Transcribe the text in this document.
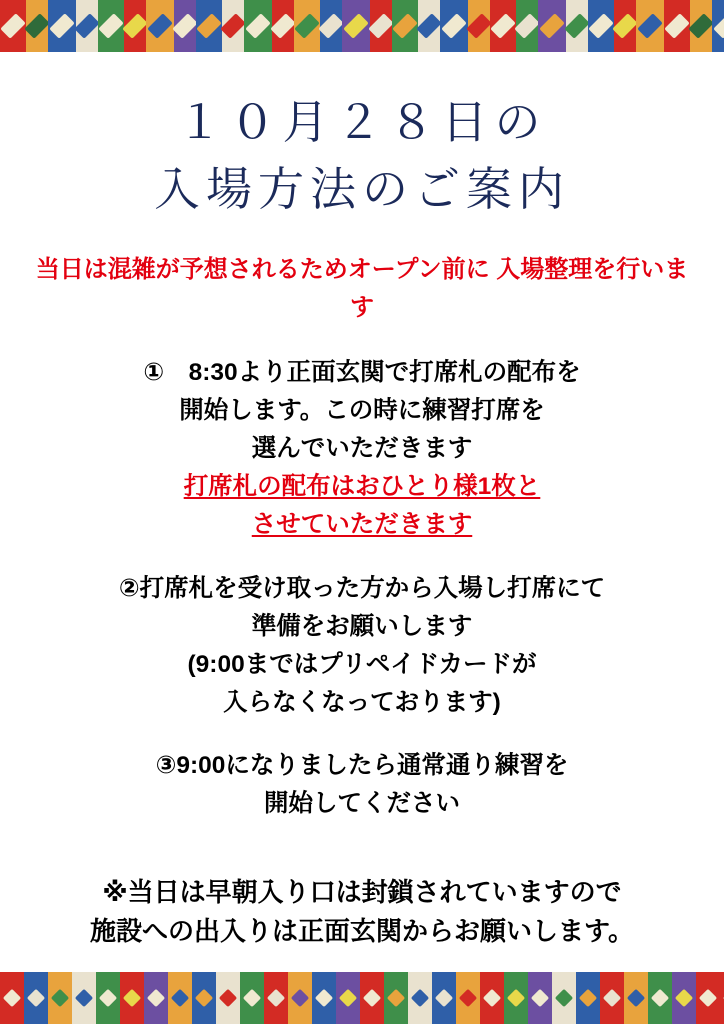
１０月２８日の
入場方法のご案内
当日は混雑が予想されるためオープン前に 入場整理を行います
①　8:30より正面玄関で打席札の配布を
開始します。この時に練習打席を
選んでいただきます
打席札の配布はおひとり様1枚と
させていただきます
②打席札を受け取った方から入場し打席にて
準備をお願いします
(9:00まではプリペイドカードが
入らなくなっております)
③9:00になりましたら通常通り練習を
開始してください
※当日は早朝入り口は封鎖されていますので
施設への出入りは正面玄関からお願いします。
